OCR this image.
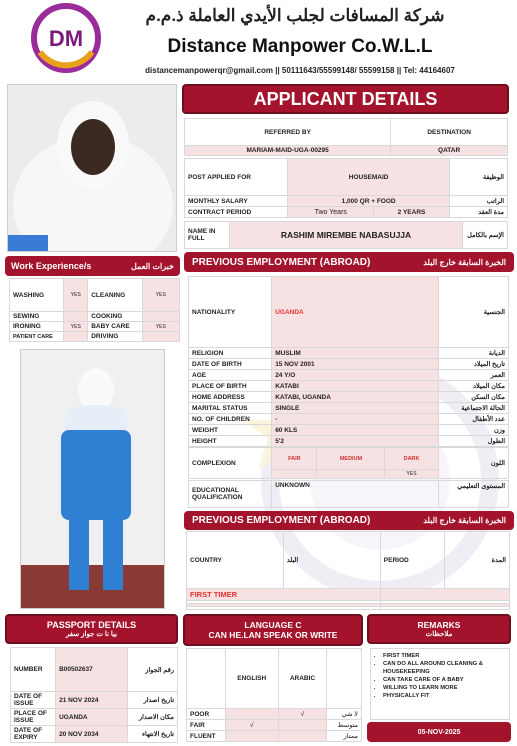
DM
شركة المسافات لجلب الأيدي العاملة ذ.م.م
Distance Manpower Co.W.L.L
distancemanpowerqr@gmail.com || 50111643/55599148/ 55599158 || Tel: 44164607
APPLICANT DETAILS
REFERRED BY	DESTINATION
MARIAM-MAID-UGA-00295	QATAR
POST APPLIED FOR	HOUSEMAID		الوظيفة
MONTHLY SALARY	1,000 QR + FOOD		الراتب
CONTRACT PERIOD	Two Years	2 YEARS	مدة العقد
NAME IN FULL	RASHIM MIREMBE NABASUJJA	الإسم بالكامل
Work Experience/s	خبرات العمل
WASHING	YES	CLEANING	YES
SEWING		COOKING	
IRONING	YES	BABY CARE	YES
PATIENT CARE		DRIVING	
PREVIOUS EMPLOYMENT (ABROAD)	الخبرة السابقة خارج البلد
NATIONALITY	UGANDA	الجنسية
RELIGION	MUSLIM	الديانة
DATE OF BIRTH	15 NOV 2001	تاريخ الميلاد
AGE	24 Y/O	العمر
PLACE OF BIRTH	KATABI	مكان الميلاد
HOME ADDRESS	KATABI, UGANDA	مكان السكن
MARITAL STATUS	SINGLE	الحالة الاجتماعية
NO. OF CHILDREN	-	عدد الأطفال
WEIGHT	60 KLS	وزن
HEIGHT	5'2	الطول
COMPLEXION	FAIR	MEDIUM	DARK	اللون
			YES	
EDUCATIONAL QUALIFICATION	UNKNOWN	المستوى التعليمي
PREVIOUS EMPLOYMENT (ABROAD)	الخبرة السابقة خارج البلد
COUNTRY	البلد	PERIOD	المدة
FIRST TIMER			

PASSPORT DETAILS
بيا نا ت جواز سفر
NUMBER	B00502637	رقم الجواز
DATE OF ISSUE	21 NOV 2024	تاريخ اصدار
PLACE OF ISSUE	UGANDA	مكان الاصدار
DATE OF EXPIRY	20 NOV 2034	تاريخ الانتهاء
LANGUAGE C
CAN HE.LAN SPEAK OR WRITE
	ENGLISH	ARABIC	
POOR		√	لا شي
FAIR	√		متوسط
FLUENT			ممتاز
REMARKS
ملاحظات
• FIRST TIMER
• CAN DO ALL AROUND CLEANING & HOUSEKEEPING
• CAN TAKE CARE OF A BABY
• WILLING TO LEARN MORE
• PHYSICALLY FIT
05-NOV-2025
